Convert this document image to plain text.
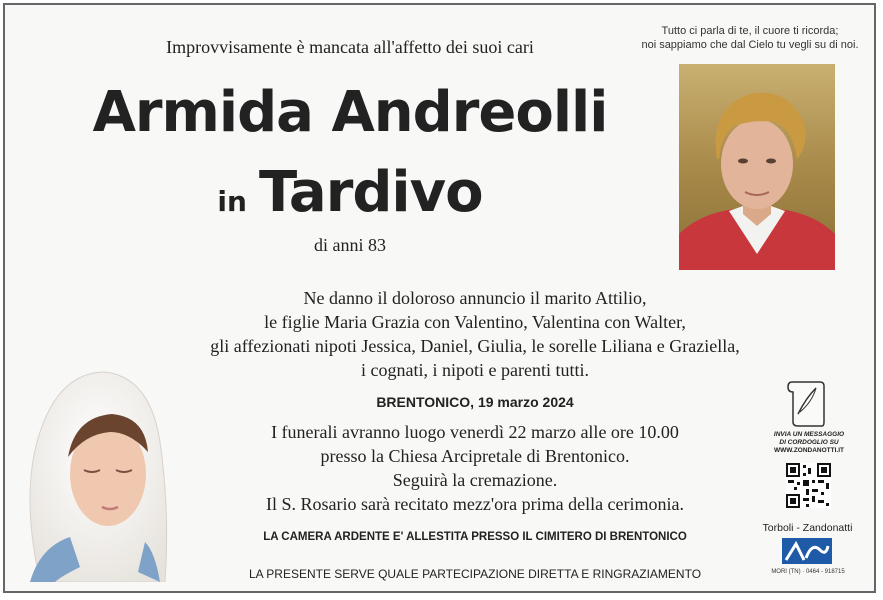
Improvvisamente è mancata all'affetto dei suoi cari
Tutto ci parla di te, il cuore ti ricorda;
noi sappiamo che dal Cielo tu vegli su di noi.
Armida Andreolli
in Tardivo
di anni 83
Ne danno il doloroso annuncio il marito Attilio,
le figlie Maria Grazia con Valentino, Valentina con Walter,
gli affezionati nipoti Jessica, Daniel, Giulia, le sorelle Liliana e Graziella,
i cognati, i nipoti e parenti tutti.
BRENTONICO, 19 marzo 2024
I funerali avranno luogo venerdì 22 marzo alle ore 10.00
presso la Chiesa Arcipretale di Brentonico.
Seguirà la cremazione.
Il S. Rosario sarà recitato mezz'ora prima della cerimonia.
LA CAMERA ARDENTE E' ALLESTITA PRESSO IL CIMITERO DI BRENTONICO
LA PRESENTE SERVE QUALE PARTECIPAZIONE DIRETTA E RINGRAZIAMENTO
INVIA UN MESSAGGIO
DI CORDOGLIO SU
WWW.ZONDANOTTI.IT
Torboli - Zandonatti
MORI (TN) · 0464 - 918715
